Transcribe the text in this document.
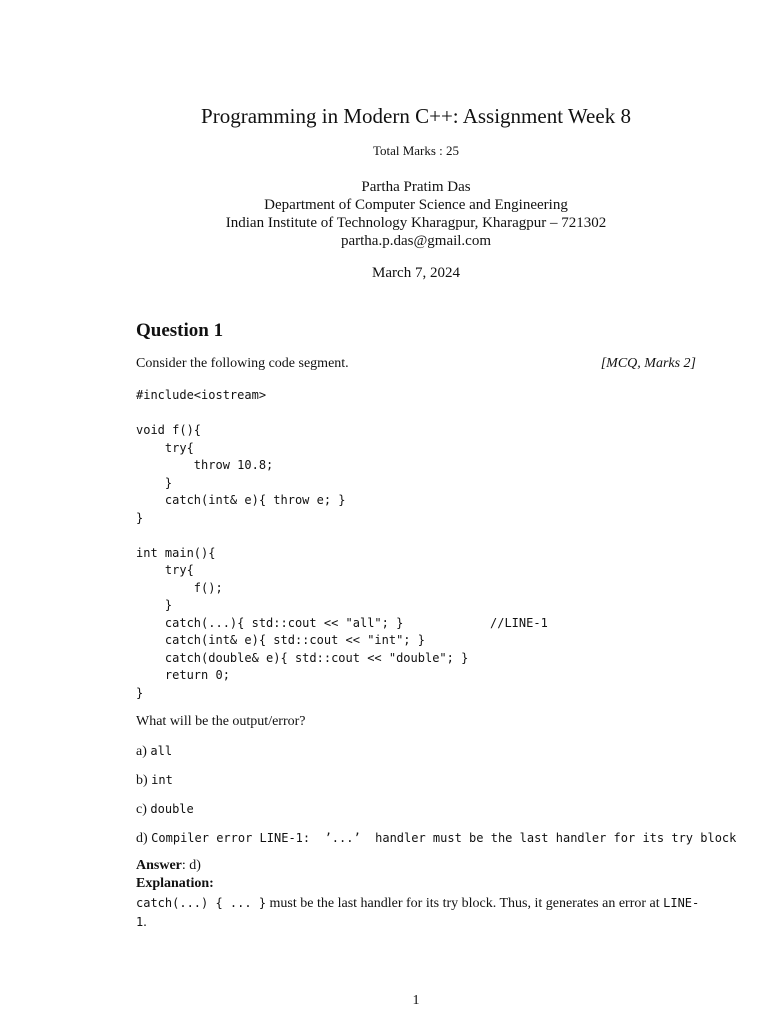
Programming in Modern C++: Assignment Week 8
Total Marks : 25
Partha Pratim Das
Department of Computer Science and Engineering
Indian Institute of Technology Kharagpur, Kharagpur – 721302
partha.p.das@gmail.com
March 7, 2024
Question 1
Consider the following code segment.	[MCQ, Marks 2]
#include<iostream>

void f(){
try{
throw 10.8;
}
catch(int& e){ throw e; }
}

int main(){
try{
f();
}
catch(...){ std::cout << "all"; }            //LINE-1
catch(int& e){ std::cout << "int"; }
catch(double& e){ std::cout << "double"; }
return 0;
}
What will be the output/error?
a) all
b) int
c) double
d) Compiler error LINE-1:  ’...’  handler must be the last handler for its try block
Answer: d)
Explanation:
catch(...) { ... } must be the last handler for its try block. Thus, it generates an error at LINE-1.
1
